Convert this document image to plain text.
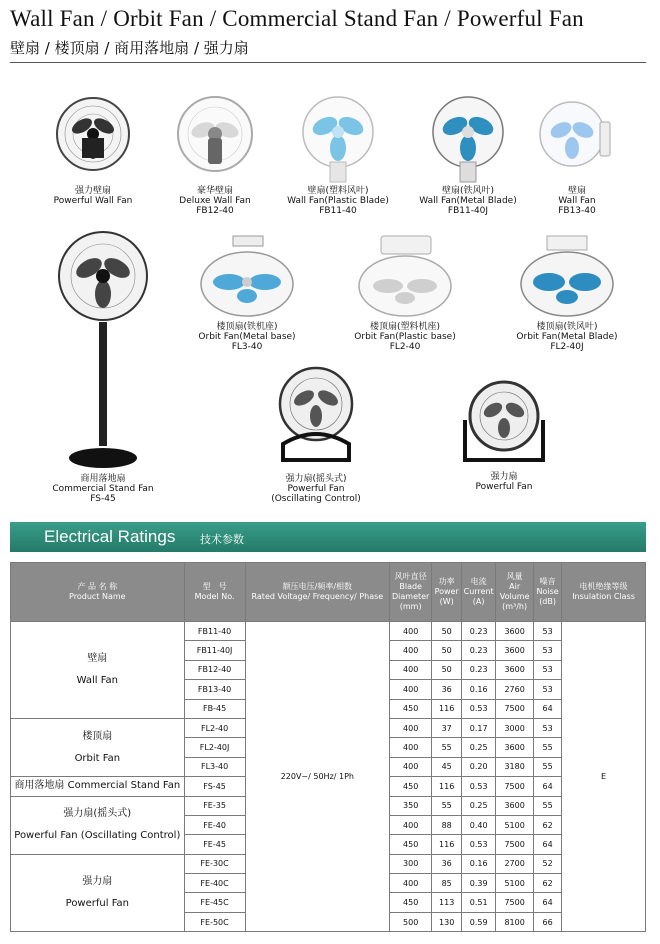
Wall Fan / Orbit Fan / Commercial Stand Fan / Powerful Fan
壁扇 / 楼顶扇 / 商用落地扇 / 强力扇
强力壁扇
Powerful Wall Fan
豪华壁扇
Deluxe Wall Fan
FB12-40
壁扇(塑料风叶)
Wall Fan(Plastic Blade)
FB11-40
壁扇(铁风叶)
Wall Fan(Metal Blade)
FB11-40J
壁扇
Wall Fan
FB13-40
商用落地扇
Commercial Stand Fan
FS-45
楼顶扇(铁机座)
Orbit Fan(Metal base)
FL3-40
楼顶扇(塑料机座)
Orbit Fan(Plastic base)
FL2-40
楼顶扇(铁风叶)
Orbit Fan(Metal Blade)
FL2-40J
强力扇(摇头式)
Powerful Fan
(Oscillating Control)
强力扇
Powerful Fan
Electrical Ratings 技术参数
产 品 名 称
Product Name	型　号
Model No.	额压电压/频率/相数
Rated Voltage/ Frequency/ Phase	风叶直径
Blade
Diameter
(mm)	功率
Power
(W)	电流
Current
(A)	风量
Air
Volume
(m³/h)	噪音
Noise
(dB)	电机绝缘等级
Insulation Class
壁扇
Wall Fan	FB11-40	220V~/ 50Hz/ 1Ph	400	50	0.23	3600	53	E
	FB11-40J		400	50	0.23	3600	53	
	FB12-40		400	50	0.23	3600	53	
	FB13-40		400	36	0.16	2760	53	
	FB-45		450	116	0.53	7500	64	
楼顶扇
Orbit Fan	FL2-40		400	37	0.17	3000	53	
	FL2-40J		400	55	0.25	3600	55	
	FL3-40		400	45	0.20	3180	55	
商用落地扇 Commercial Stand Fan	FS-45		450	116	0.53	7500	64	
强力扇(摇头式)
Powerful Fan (Oscillating Control)	FE-35		350	55	0.25	3600	55	
	FE-40		400	88	0.40	5100	62	
	FE-45		450	116	0.53	7500	64	
强力扇
Powerful Fan	FE-30C		300	36	0.16	2700	52	
	FE-40C		400	85	0.39	5100	62	
	FE-45C		450	113	0.51	7500	64	
	FE-50C		500	130	0.59	8100	66	
